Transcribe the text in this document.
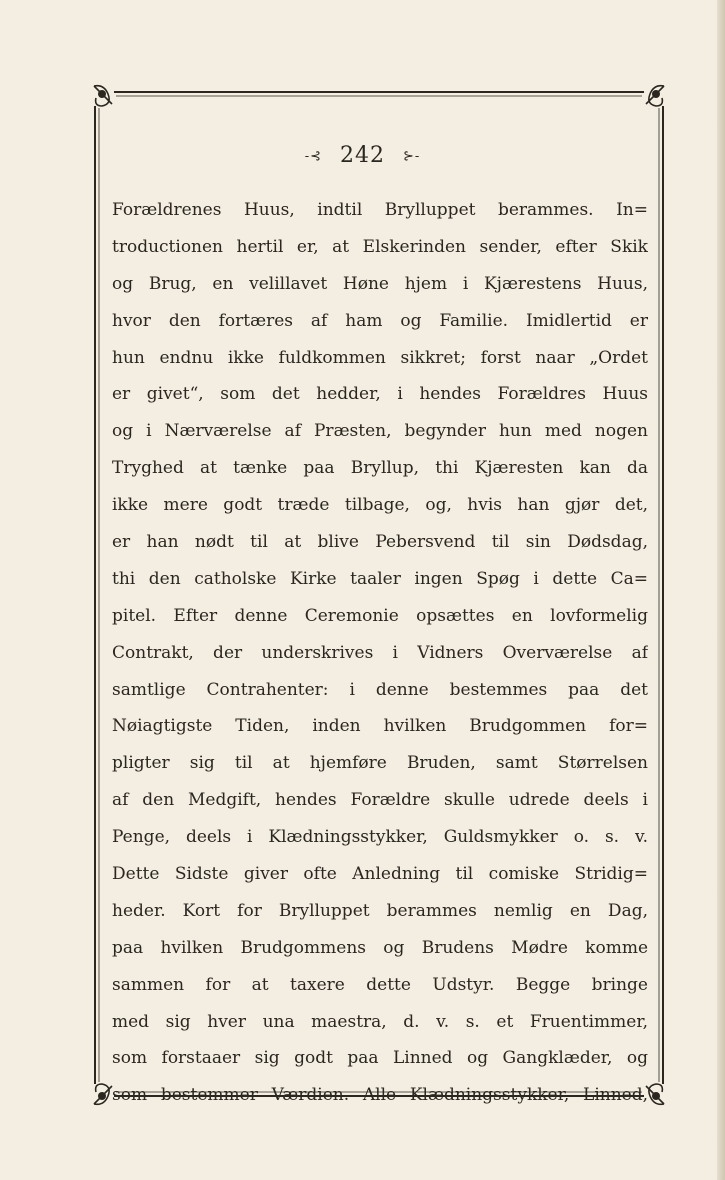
-⊰ 242 ⊱-
Forældrenes Huus, indtil Brylluppet berammes. In=
troductionen hertil er, at Elskerinden sender, efter Skik
og Brug, en velillavet Høne hjem i Kjærestens Huus,
hvor den fortæres af ham og Familie. Imidlertid er
hun endnu ikke fuldkommen sikkret; forst naar „Ordet
er givet“, som det hedder, i hendes Forældres Huus
og i Nærværelse af Præsten, begynder hun med nogen
Tryghed at tænke paa Bryllup, thi Kjæresten kan da
ikke mere godt træde tilbage, og, hvis han gjør det,
er han nødt til at blive Pebersvend til sin Dødsdag,
thi den catholske Kirke taaler ingen Spøg i dette Ca=
pitel. Efter denne Ceremonie opsættes en lovformelig
Contrakt, der underskrives i Vidners Overværelse af
samtlige Contrahenter: i denne bestemmes paa det
Nøiagtigste Tiden, inden hvilken Brudgommen for=
pligter sig til at hjemføre Bruden, samt Størrelsen
af den Medgift, hendes Forældre skulle udrede deels i
Penge, deels i Klædningsstykker, Guldsmykker o. s. v.
Dette Sidste giver ofte Anledning til comiske Stridig=
heder. Kort for Brylluppet berammes nemlig en Dag,
paa hvilken Brudgommens og Brudens Mødre komme
sammen for at taxere dette Udstyr. Begge bringe
med sig hver una maestra, d. v. s. et Fruentimmer,
som forstaaer sig godt paa Linned og Gangklæder, og
som bestemmer Værdien. Alle Klædningsstykker, Linned,
